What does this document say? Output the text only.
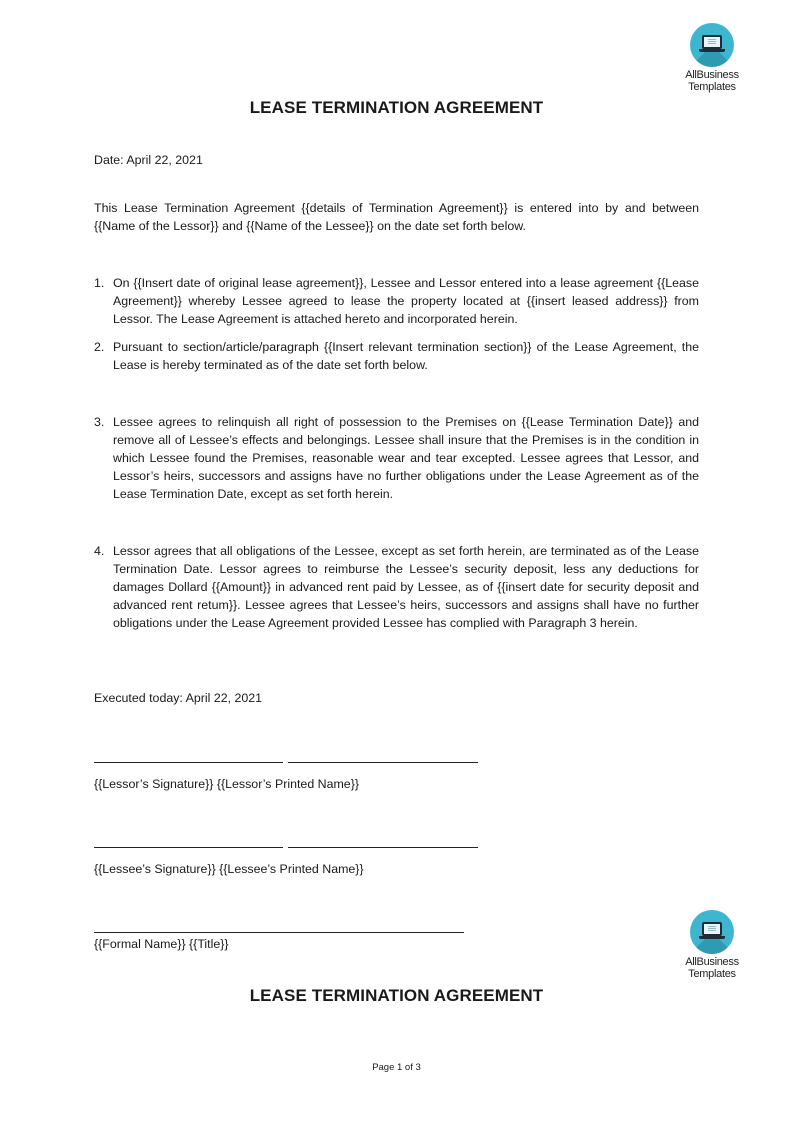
AllBusiness
Templates
LEASE TERMINATION AGREEMENT
Date: April 22, 2021
This Lease Termination Agreement {{details of Termination Agreement}} is entered into by and between {{Name of the Lessor}} and {{Name of the Lessee}} on the date set forth below.
1. On {{Insert date of original lease agreement}}, Lessee and Lessor entered into a lease agreement {{Lease Agreement}} whereby Lessee agreed to lease the property located at {{insert leased address}} from Lessor. The Lease Agreement is attached hereto and incorporated herein.
2. Pursuant to section/article/paragraph {{Insert relevant termination section}} of the Lease Agreement, the Lease is hereby terminated as of the date set forth below.
3. Lessee agrees to relinquish all right of possession to the Premises on {{Lease Termination Date}} and remove all of Lessee’s effects and belongings. Lessee shall insure that the Premises is in the condition in which Lessee found the Premises, reasonable wear and tear excepted. Lessee agrees that Lessor, and Lessor’s heirs, successors and assigns have no further obligations under the Lease Agreement as of the Lease Termination Date, except as set forth herein.
4. Lessor agrees that all obligations of the Lessee, except as set forth herein, are terminated as of the Lease Termination Date. Lessor agrees to reimburse the Lessee’s security deposit, less any deductions for damages Dollard {{Amount}} in advanced rent paid by Lessee, as of {{insert date for security deposit and advanced rent retum}}. Lessee agrees that Lessee’s heirs, successors and assigns shall have no further obligations under the Lease Agreement provided Lessee has complied with Paragraph 3 herein.
Executed today: April 22, 2021
{{Lessor’s Signature}} {{Lessor’s Printed Name}}
{{Lessee’s Signature}} {{Lessee’s Printed Name}}
{{Formal Name}} {{Title}}
AllBusiness
Templates
LEASE TERMINATION AGREEMENT
Page 1 of 3
